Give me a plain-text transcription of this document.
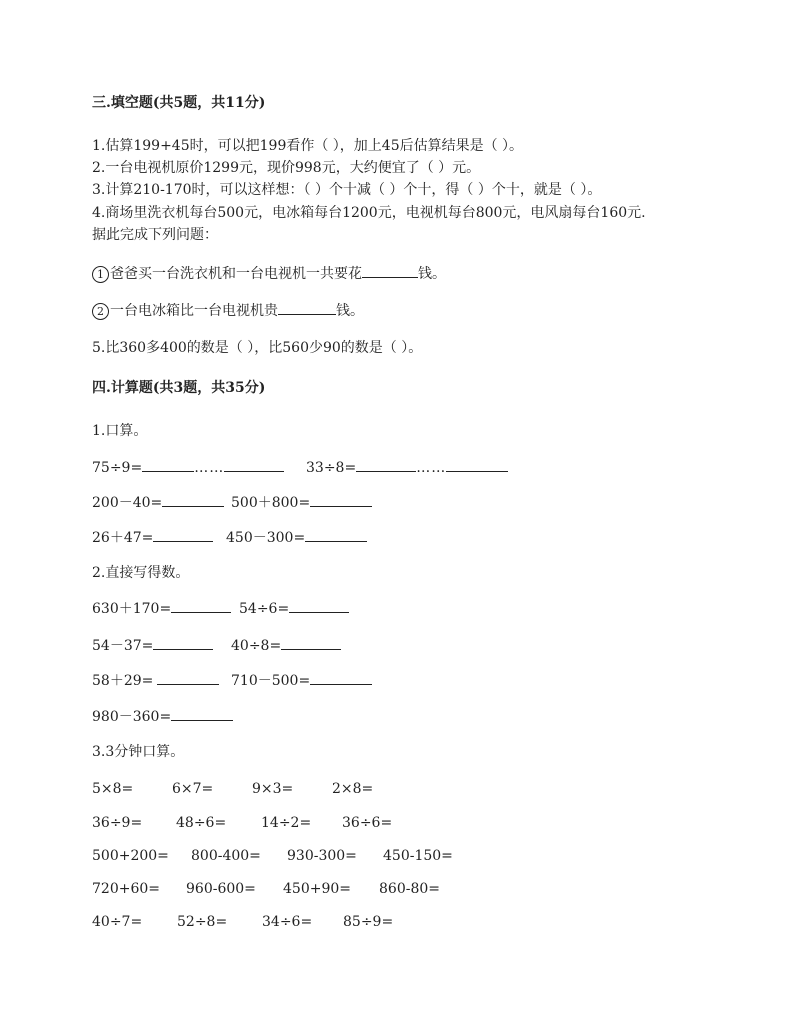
三.填空题(共5题，共11分)
1.估算199+45时，可以把199看作（ ），加上45后估算结果是（ ）。
2.一台电视机原价1299元，现价998元，大约便宜了（ ）元。
3.计算210-170时，可以这样想：（ ）个十减（ ）个十，得（ ）个十，就是（ ）。
4.商场里洗衣机每台500元，电冰箱每台1200元，电视机每台800元，电风扇每台160元.
据此完成下列问题：
1 爸爸买一台洗衣机和一台电视机一共要花	钱。
2 一台电冰箱比一台电视机贵	钱。
5.比360多400的数是（ ），比560少90的数是（ ）。
四.计算题(共3题，共35分)
1.口算。
75÷9=	……	33÷8=	……
200－40=	500＋800=
26＋47=	450－300=
2.直接写得数。
630＋170=	54÷6=
54－37=	40÷8=
58＋29=	710－500=
980－360=
3.3分钟口算。
5×8=	6×7=	9×3=	2×8=
36÷9= 48÷6= 14÷2= 36÷6=
500+200= 800-400= 930-300= 450-150=
720+60= 960-600= 450+90= 860-80=
40÷7= 52÷8= 34÷6= 85÷9=
